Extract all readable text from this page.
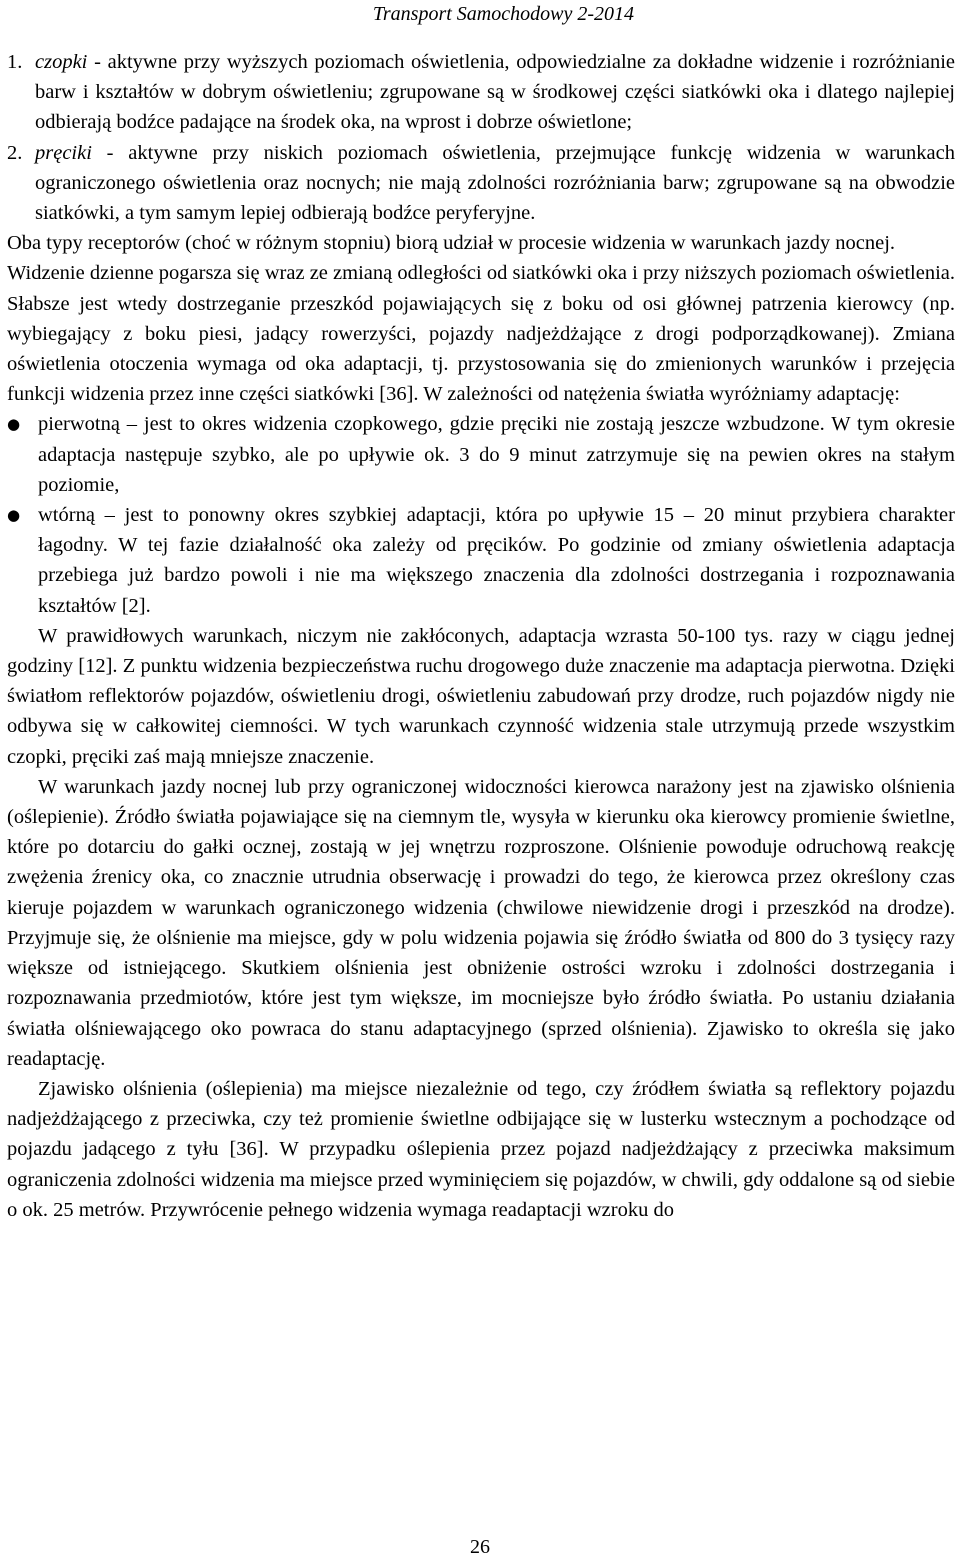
Transport Samochodowy 2-2014

1. czopki - aktywne przy wyższych poziomach oświetlenia, odpowiedzialne za dokładne widzenie i rozróżnianie barw i kształtów w dobrym oświetleniu; zgrupowane są w środkowej części siatkówki oka i dlatego najlepiej odbierają bodźce padające na środek oka, na wprost i dobrze oświetlone;

2. pręciki - aktywne przy niskich poziomach oświetlenia, przejmujące funkcję widzenia w warunkach ograniczonego oświetlenia oraz nocnych; nie mają zdolności rozróżniania barw; zgrupowane są na obwodzie siatkówki, a tym samym lepiej odbierają bodźce peryferyjne.

Oba typy receptorów (choć w różnym stopniu) biorą udział w procesie widzenia w warunkach jazdy nocnej.

Widzenie dzienne pogarsza się wraz ze zmianą odległości od siatkówki oka i przy niższych poziomach oświetlenia. Słabsze jest wtedy dostrzeganie przeszkód pojawiających się z boku od osi głównej patrzenia kierowcy (np. wybiegający z boku piesi, jadący rowerzyści, pojazdy nadjeżdżające z drogi podporządkowanej). Zmiana oświetlenia otoczenia wymaga od oka adaptacji, tj. przystosowania się do zmienionych warunków i przejęcia funkcji widzenia przez inne części siatkówki [36]. W zależności od natężenia światła wyróżniamy adaptację:

● pierwotną – jest to okres widzenia czopkowego, gdzie pręciki nie zostają jeszcze wzbudzone. W tym okresie adaptacja następuje szybko, ale po upływie ok. 3 do 9 minut zatrzymuje się na pewien okres na stałym poziomie,
● wtórną – jest to ponowny okres szybkiej adaptacji, która po upływie 15 – 20 minut przybiera charakter łagodny. W tej fazie działalność oka zależy od pręcików. Po godzinie od zmiany oświetlenia adaptacja przebiega już bardzo powoli i nie ma większego znaczenia dla zdolności dostrzegania i rozpoznawania kształtów [2].

W prawidłowych warunkach, niczym nie zakłóconych, adaptacja wzrasta 50-100 tys. razy w ciągu jednej godziny [12]. Z punktu widzenia bezpieczeństwa ruchu drogowego duże znaczenie ma adaptacja pierwotna. Dzięki światłom reflektorów pojazdów, oświetleniu drogi, oświetleniu zabudowań przy drodze, ruch pojazdów nigdy nie odbywa się w całkowitej ciemności. W tych warunkach czynność widzenia stale utrzymują przede wszystkim czopki, pręciki zaś mają mniejsze znaczenie.

W warunkach jazdy nocnej lub przy ograniczonej widoczności kierowca narażony jest na zjawisko olśnienia (oślepienie). Źródło światła pojawiające się na ciemnym tle, wysyła w kierunku oka kierowcy promienie świetlne, które po dotarciu do gałki ocznej, zostają w jej wnętrzu rozproszone. Olśnienie powoduje odruchową reakcję zwężenia źrenicy oka, co znacznie utrudnia obserwację i prowadzi do tego, że kierowca przez określony czas kieruje pojazdem w warunkach ograniczonego widzenia (chwilowe niewidzenie drogi i przeszkód na drodze). Przyjmuje się, że olśnienie ma miejsce, gdy w polu widzenia pojawia się źródło światła od 800 do 3 tysięcy razy większe od istniejącego. Skutkiem olśnienia jest obniżenie ostrości wzroku i zdolności dostrzegania i rozpoznawania przedmiotów, które jest tym większe, im mocniejsze było źródło światła. Po ustaniu działania światła olśniewającego oko powraca do stanu adaptacyjnego (sprzed olśnienia). Zjawisko to określa się jako readaptację.

Zjawisko olśnienia (oślepienia) ma miejsce niezależnie od tego, czy źródłem światła są reflektory pojazdu nadjeżdżającego z przeciwka, czy też promienie świetlne odbijające się w lusterku wstecznym a pochodzące od pojazdu jadącego z tyłu [36]. W przypadku oślepienia przez pojazd nadjeżdżający z przeciwka maksimum ograniczenia zdolności widzenia ma miejsce przed wyminięciem się pojazdów, w chwili, gdy oddalone są od siebie o ok. 25 metrów. Przywrócenie pełnego widzenia wymaga readaptacji wzroku do

26
